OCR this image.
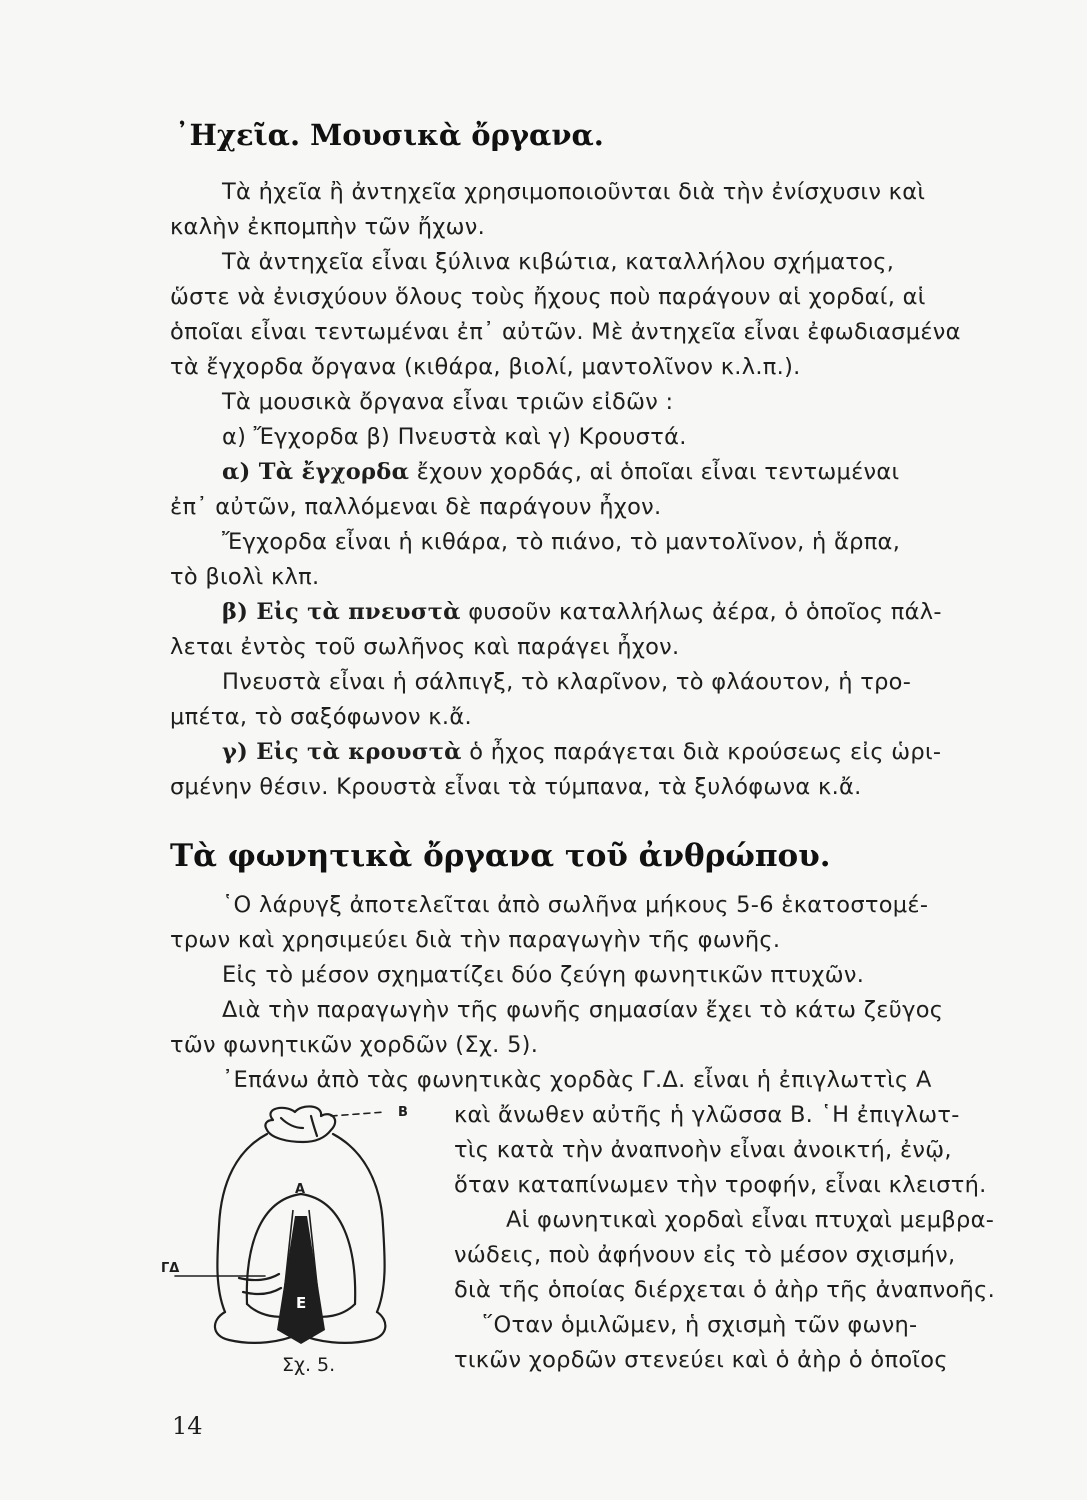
᾿Ηχεῖα. Μουσικὰ ὄργανα.
Τὰ ἠχεῖα ἢ ἀντηχεῖα χρησιμοποιοῦνται διὰ τὴν ἐνίσχυσιν καὶ
καλὴν ἐκπομπὴν τῶν ἤχων.
Τὰ ἀντηχεῖα εἶναι ξύλινα κιβώτια, καταλλήλου σχήματος,
ὥστε νὰ ἐνισχύουν ὅλους τοὺς ἤχους ποὺ παράγουν αἱ χορδαί, αἱ
ὁποῖαι εἶναι τεντωμέναι ἐπ᾿ αὐτῶν. Μὲ ἀντηχεῖα εἶναι ἐφωδιασμένα
τὰ ἔγχορδα ὄργανα (κιθάρα, βιολί, μαντολῖνον κ.λ.π.).
Τὰ μουσικὰ ὄργανα εἶναι τριῶν εἰδῶν :
α) Ἔγχορδα β) Πνευστὰ καὶ γ) Κρουστά.
α) Τὰ ἔγχορδα ἔχουν χορδάς, αἱ ὁποῖαι εἶναι τεντωμέναι
ἐπ᾿ αὐτῶν, παλλόμεναι δὲ παράγουν ἦχον.
Ἔγχορδα εἶναι ἡ κιθάρα, τὸ πιάνο, τὸ μαντολῖνον, ἡ ἅρπα,
τὸ βιολὶ κλπ.
β) Εἰς τὰ πνευστὰ φυσοῦν καταλλήλως ἀέρα, ὁ ὁποῖος πάλ-
λεται ἐντὸς τοῦ σωλῆνος καὶ παράγει ἦχον.
Πνευστὰ εἶναι ἡ σάλπιγξ, τὸ κλαρῖνον, τὸ φλάουτον, ἡ τρο-
μπέτα, τὸ σαξόφωνον κ.ἄ.
γ) Εἰς τὰ κρουστὰ ὁ ἦχος παράγεται διὰ κρούσεως εἰς ὡρι-
σμένην θέσιν. Κρουστὰ εἶναι τὰ τύμπανα, τὰ ξυλόφωνα κ.ἄ.
Τὰ φωνητικὰ ὄργανα τοῦ ἀνθρώπου.
῾Ο λάρυγξ ἀποτελεῖται ἀπὸ σωλῆνα μήκους 5-6 ἑκατοστομέ-
τρων καὶ χρησιμεύει διὰ τὴν παραγωγὴν τῆς φωνῆς.
Εἰς τὸ μέσον σχηματίζει δύο ζεύγη φωνητικῶν πτυχῶν.
Διὰ τὴν παραγωγὴν τῆς φωνῆς σημασίαν ἔχει τὸ κάτω ζεῦγος
τῶν φωνητικῶν χορδῶν (Σχ. 5).
᾿Επάνω ἀπὸ τὰς φωνητικὰς χορδὰς Γ.Δ. εἶναι ἡ ἐπιγλωττὶς Α
καὶ ἄνωθεν αὐτῆς ἡ γλῶσσα Β. ῾Η ἐπιγλωτ-
τὶς κατὰ τὴν ἀναπνοὴν εἶναι ἀνοικτή, ἐνῷ,
ὅταν καταπίνωμεν τὴν τροφήν, εἶναι κλειστή.
Αἱ φωνητικαὶ χορδαὶ εἶναι πτυχαὶ μεμβρα-
νώδεις, ποὺ ἀφήνουν εἰς τὸ μέσον σχισμήν,
διὰ τῆς ὁποίας διέρχεται ὁ ἀὴρ τῆς ἀναπνοῆς.
῞Οταν ὁμιλῶμεν, ἡ σχισμὴ τῶν φωνη-
τικῶν χορδῶν στενεύει καὶ ὁ ἀὴρ ὁ ὁποῖος
Β
Α
ΓΔ
Ε
Σχ. 5.
14
